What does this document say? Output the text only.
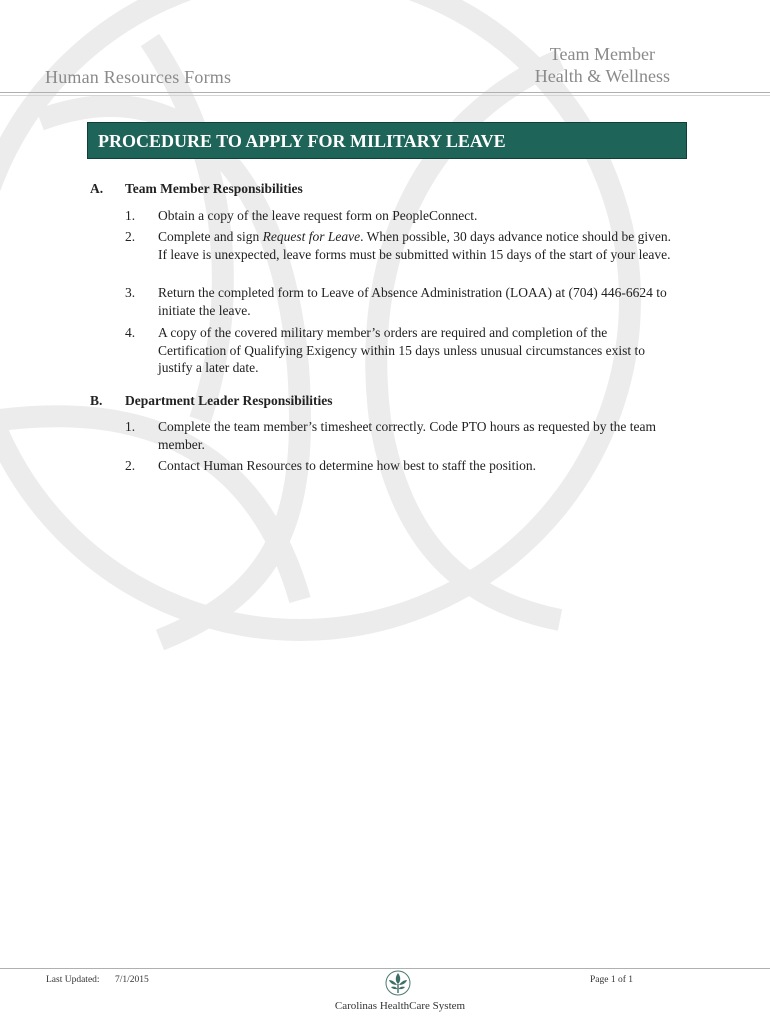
Human Resources Forms
Team Member
Health & Wellness
PROCEDURE TO APPLY FOR MILITARY LEAVE
A. Team Member Responsibilities
1. Obtain a copy of the leave request form on PeopleConnect.
2. Complete and sign Request for Leave. When possible, 30 days advance notice should be given. If leave is unexpected, leave forms must be submitted within 15 days of the start of your leave.
3. Return the completed form to Leave of Absence Administration (LOAA) at (704) 446-6624 to initiate the leave.
4. A copy of the covered military member’s orders are required and completion of the Certification of Qualifying Exigency within 15 days unless unusual circumstances exist to justify a later date.
B. Department Leader Responsibilities
1. Complete the team member’s timesheet correctly. Code PTO hours as requested by the team member.
2. Contact Human Resources to determine how best to staff the position.
Last Updated: 7/1/2015	Page 1 of 1
Carolinas HealthCare System
